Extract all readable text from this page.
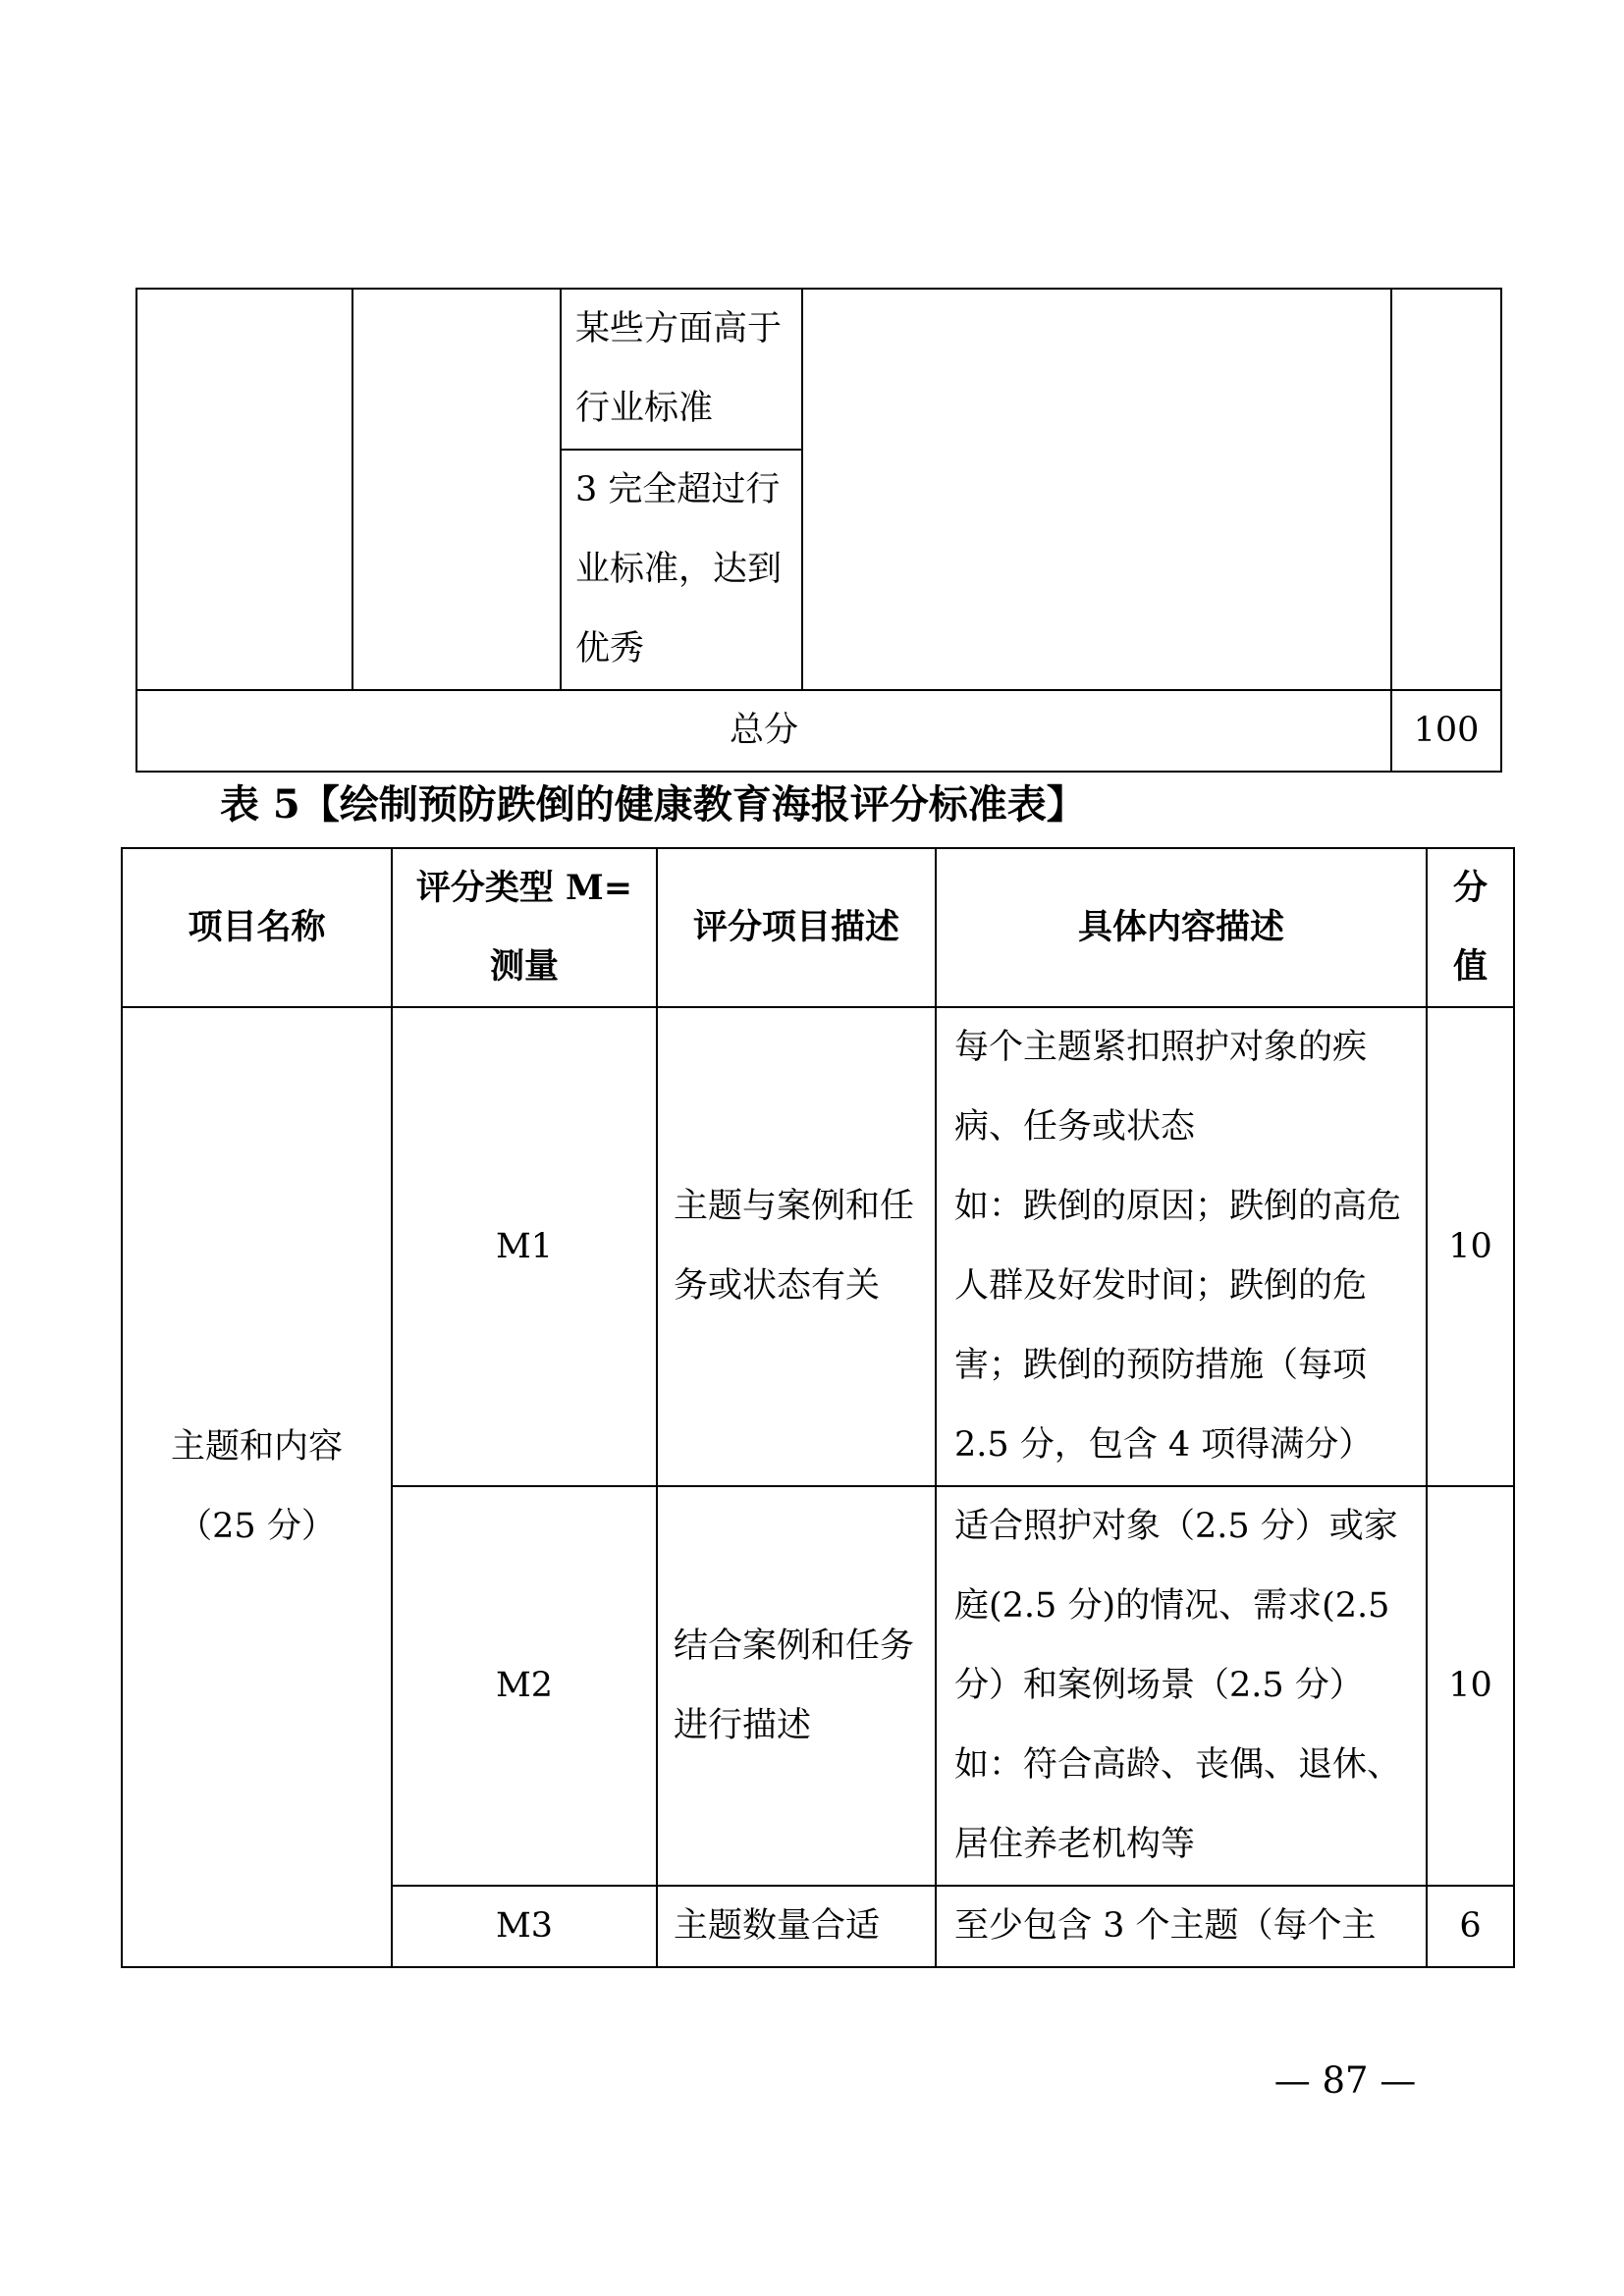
		某些方面高于行业标准		
		3 完全超过行业标准，达到优秀		
总分				100
表 5【绘制预防跌倒的健康教育海报评分标准表】
项目名称	评分类型 M=测量	评分项目描述	具体内容描述	分值
主题和内容（25 分）	M1	主题与案例和任务或状态有关	每个主题紧扣照护对象的疾病、任务或状态
如：跌倒的原因；跌倒的高危人群及好发时间；跌倒的危害；跌倒的预防措施（每项 2.5 分，包含 4 项得满分）	10
	M2	结合案例和任务进行描述	适合照护对象（2.5 分）或家庭(2.5 分)的情况、需求(2.5 分）和案例场景（2.5 分）如：符合高龄、丧偶、退休、居住养老机构等	10
	M3	主题数量合适	至少包含 3 个主题（每个主	6
— 87 —
